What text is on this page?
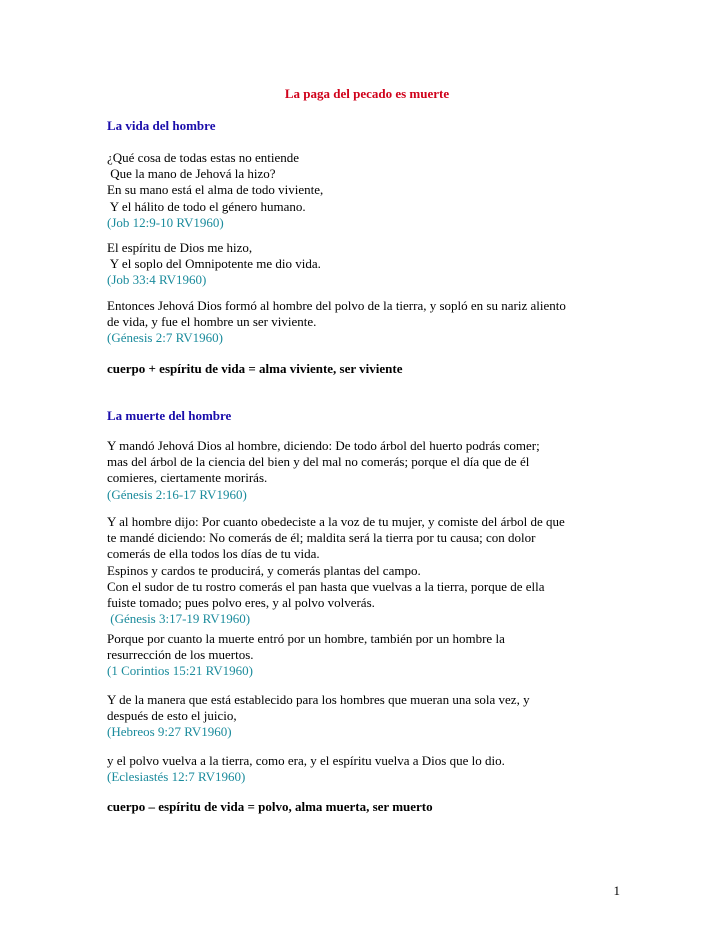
La paga del pecado es muerte
La vida del hombre
¿Qué cosa de todas estas no entiende
Que la mano de Jehová la hizo?
En su mano está el alma de todo viviente,
Y el hálito de todo el género humano.
(Job 12:9-10 RV1960)
El espíritu de Dios me hizo,
Y el soplo del Omnipotente me dio vida.
(Job 33:4 RV1960)
Entonces Jehová Dios formó al hombre del polvo de la tierra, y sopló en su nariz aliento
de vida, y fue el hombre un ser viviente.
(Génesis 2:7 RV1960)
cuerpo + espíritu de vida = alma viviente, ser viviente
La muerte del hombre
Y mandó Jehová Dios al hombre, diciendo: De todo árbol del huerto podrás comer;
mas del árbol de la ciencia del bien y del mal no comerás; porque el día que de él
comieres, ciertamente morirás.
(Génesis 2:16-17 RV1960)
Y al hombre dijo: Por cuanto obedeciste a la voz de tu mujer, y comiste del árbol de que
te mandé diciendo: No comerás de él; maldita será la tierra por tu causa; con dolor
comerás de ella todos los días de tu vida.
Espinos y cardos te producirá, y comerás plantas del campo.
Con el sudor de tu rostro comerás el pan hasta que vuelvas a la tierra, porque de ella
fuiste tomado; pues polvo eres, y al polvo volverás.
(Génesis 3:17-19 RV1960)
Porque por cuanto la muerte entró por un hombre, también por un hombre la
resurrección de los muertos.
(1 Corintios 15:21 RV1960)
Y de la manera que está establecido para los hombres que mueran una sola vez, y
después de esto el juicio,
(Hebreos 9:27 RV1960)
y el polvo vuelva a la tierra, como era, y el espíritu vuelva a Dios que lo dio.
(Eclesiastés 12:7 RV1960)
cuerpo – espíritu de vida = polvo, alma muerta, ser muerto
1
